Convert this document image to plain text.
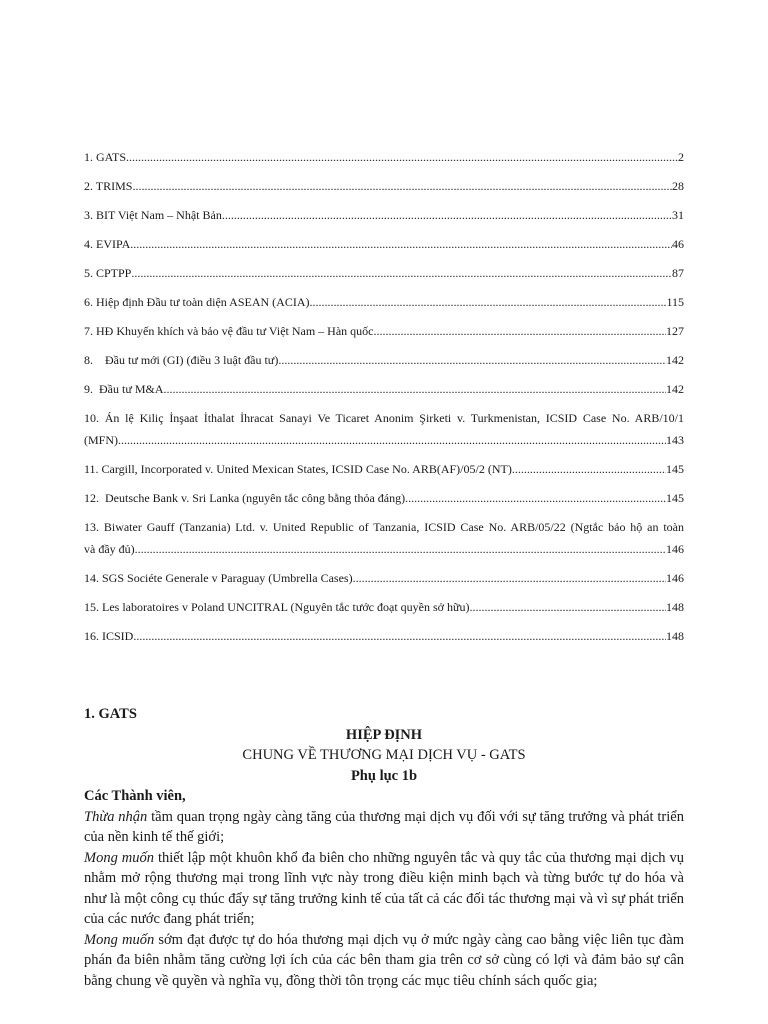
1. GATS .....	2
2. TRIMS .....	28
3. BIT Việt Nam – Nhật Bản .....	31
4. EVIPA .....	46
5. CPTPP .....	87
6. Hiệp định Đầu tư toàn diện ASEAN (ACIA) .....	115
7. HĐ Khuyến khích và bảo vệ đầu tư Việt Nam – Hàn quốc .....	127
8.    Đầu tư mới (GI) (điều 3 luật đầu tư) .....	142
9.  Đầu tư M&A .....	142
10. Án lệ Kiliç İnşaat İthalat İhracat Sanayi Ve Ticaret Anonim Şirketi v. Turkmenistan, ICSID Case No. ARB/10/1
(MFN) .....	143
11. Cargill, Incorporated v. United Mexican States, ICSID Case No. ARB(AF)/05/2 (NT) .....	145
12.  Deutsche Bank v. Sri Lanka (nguyên tắc công bằng thỏa đáng) .....	145
13. Biwater Gauff (Tanzania) Ltd. v. United Republic of Tanzania, ICSID Case No. ARB/05/22 (Ngtắc bảo hộ an toàn
và đầy đủ) .....	146
14. SGS Sociéte Generale v Paraguay (Umbrella Cases) .....	146
15. Les laboratoires v Poland UNCITRAL (Nguyên tắc tước đoạt quyền sở hữu) .....	148
16. ICSID .....	148

1. GATS

HIỆP ĐỊNH

CHUNG VỀ THƯƠNG MẠI DỊCH VỤ - GATS

Phụ lục 1b

Các Thành viên,

Thừa nhận tầm quan trọng ngày càng tăng của thương mại dịch vụ đối với sự tăng trưởng và phát triển của nền kinh tế thế giới;

Mong muốn thiết lập một khuôn khổ đa biên cho những nguyên tắc và quy tắc của thương mại dịch vụ nhằm mở rộng thương mại trong lĩnh vực này trong điều kiện minh bạch và từng bước tự do hóa và như là một công cụ thúc đẩy sự tăng trưởng kinh tế của tất cả các đối tác thương mại và vì sự phát triển của các nước đang phát triển;

Mong muốn sớm đạt được tự do hóa thương mại dịch vụ ở mức ngày càng cao bằng việc liên tục đàm phán đa biên nhằm tăng cường lợi ích của các bên tham gia trên cơ sở cùng có lợi và đảm bảo sự cân bằng chung về quyền và nghĩa vụ, đồng thời tôn trọng các mục tiêu chính sách quốc gia;
